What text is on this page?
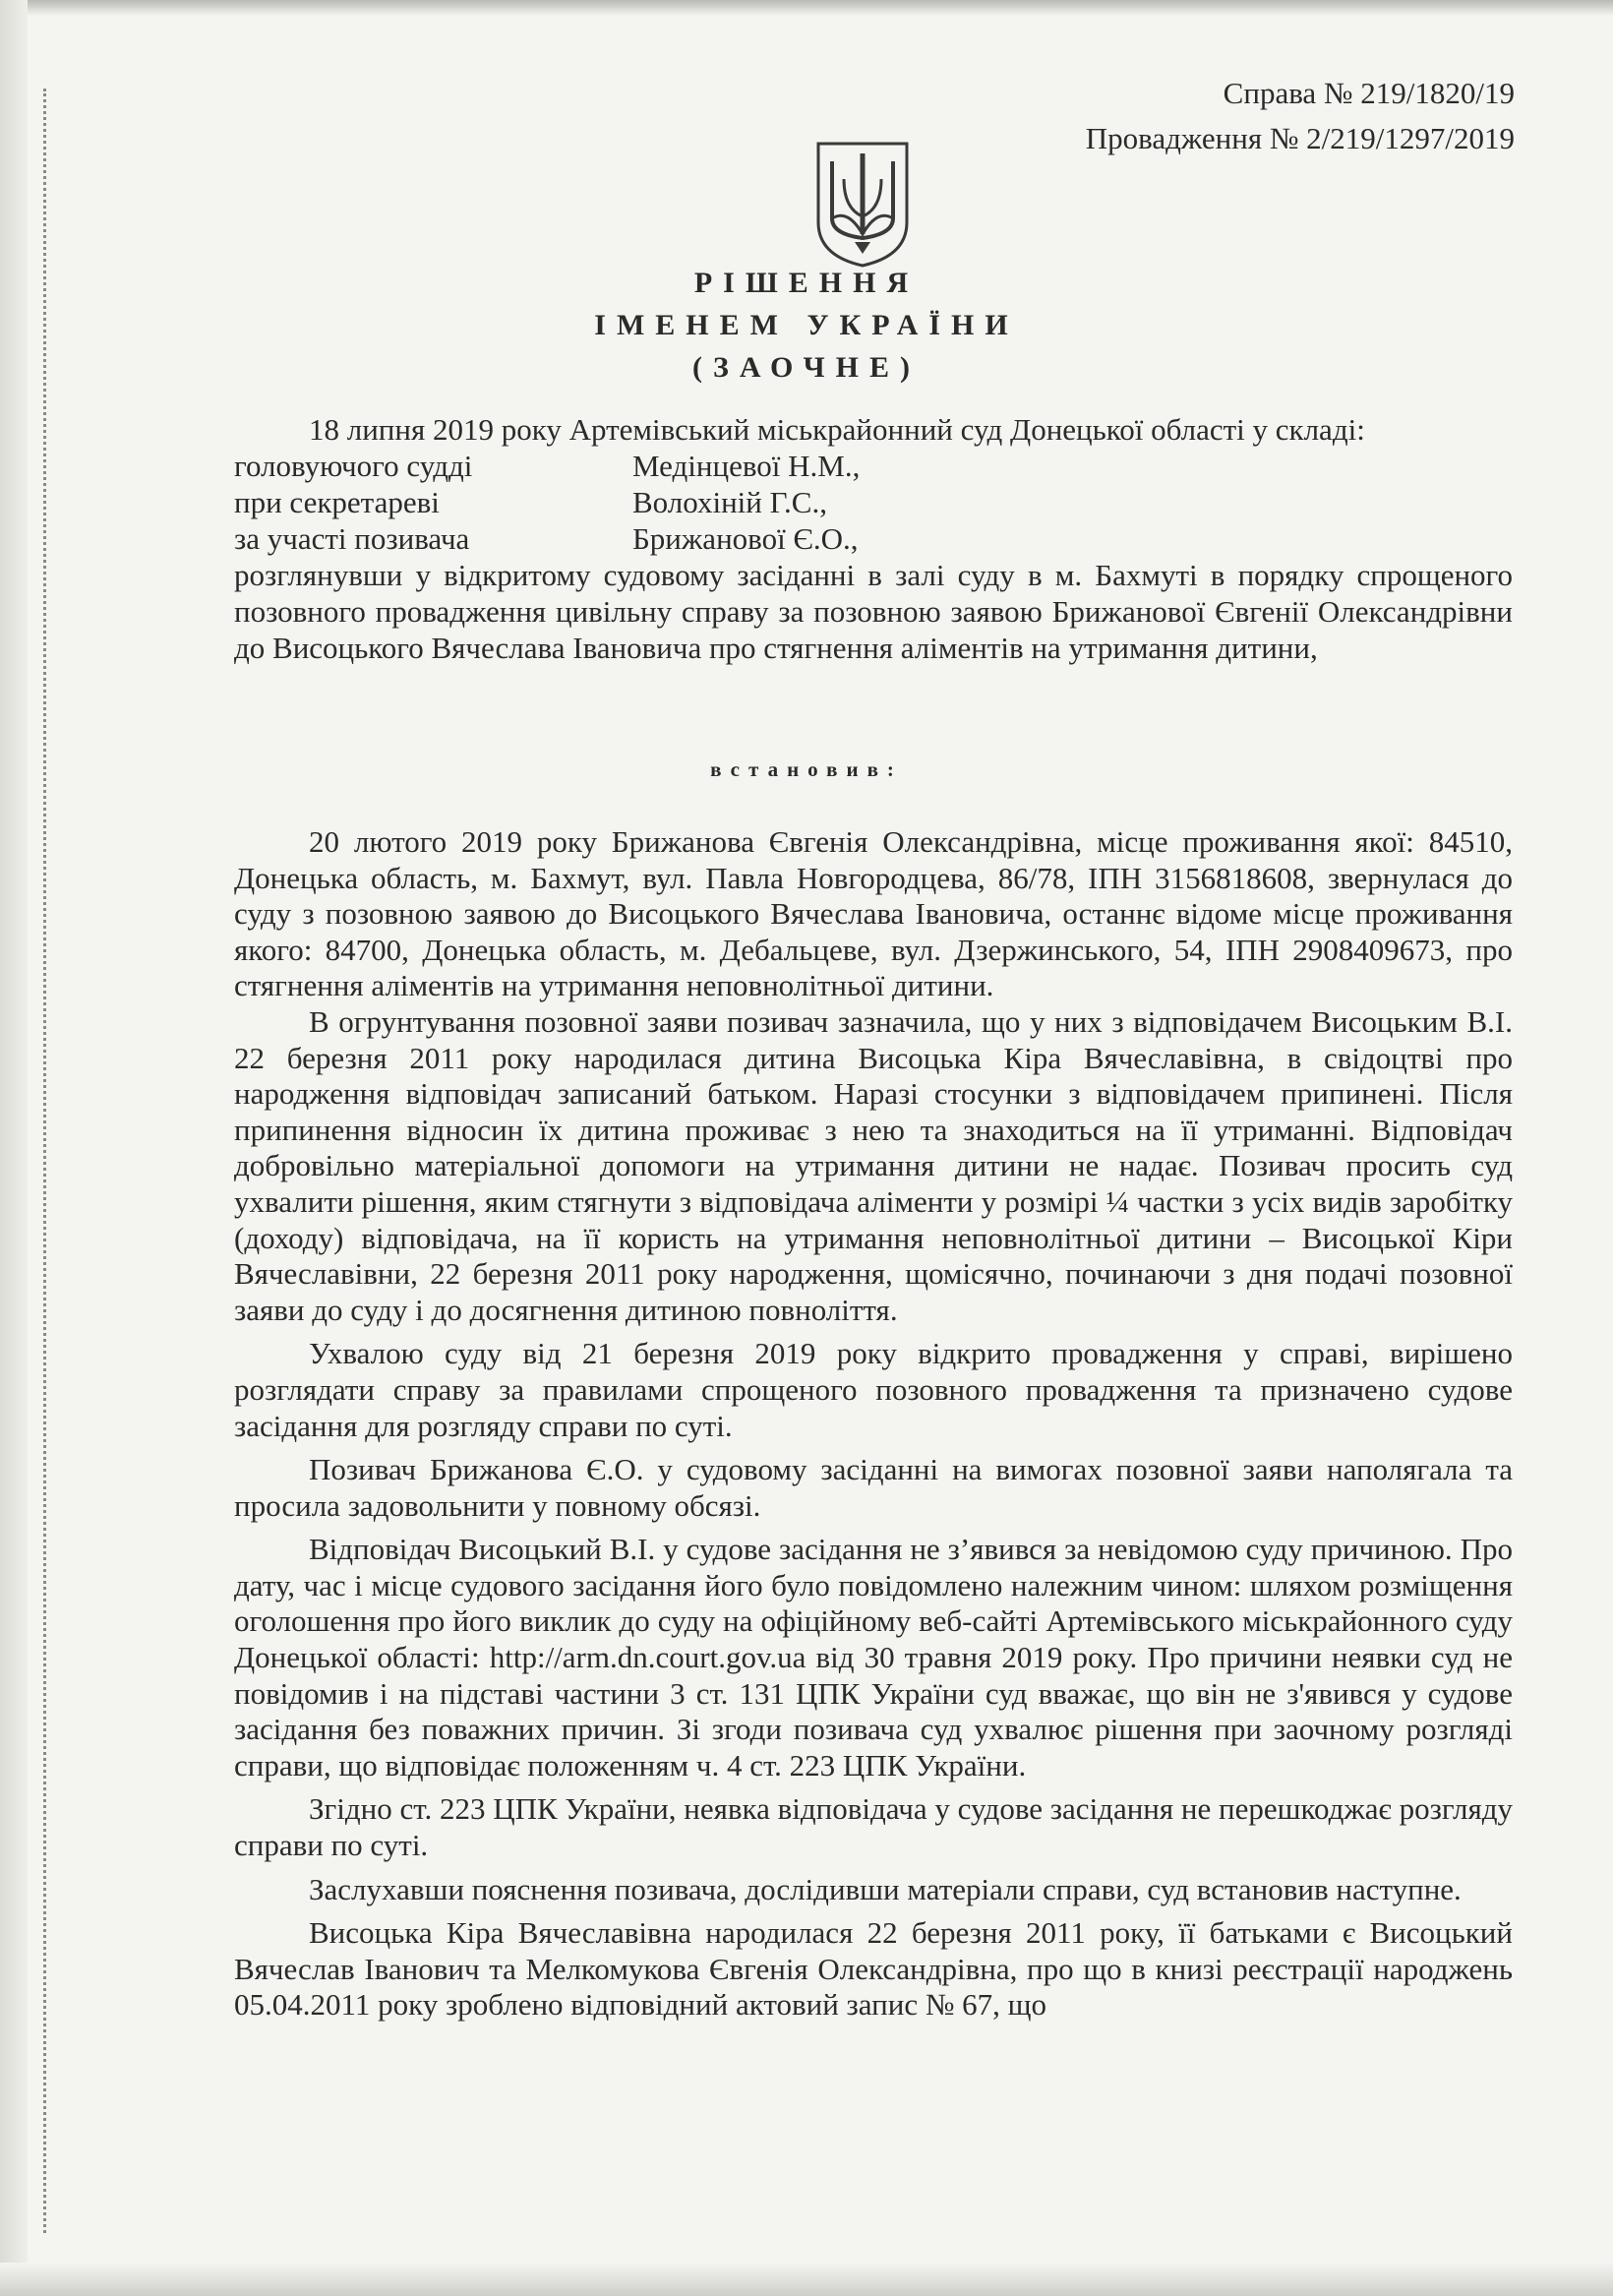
Справа № 219/1820/19
Провадження № 2/219/1297/2019
РІШЕННЯ
ІМЕНЕМ УКРАЇНИ
(ЗАОЧНЕ)
18 липня 2019 року Артемівський міськрайонний суд Донецької області у складі:
головуючого судді	Медінцевої Н.М.,
при секретареві	Волохіній Г.С.,
за участі позивача	Брижанової Є.О.,
розглянувши у відкритому судовому засіданні в залі суду в м. Бахмуті в порядку спрощеного позовного провадження цивільну справу за позовною заявою Брижанової Євгенії Олександрівни до Висоцького Вячеслава Івановича про стягнення аліментів на утримання дитини,
встановив:

20 лютого 2019 року Брижанова Євгенія Олександрівна, місце проживання якої: 84510, Донецька область, м. Бахмут, вул. Павла Новгородцева, 86/78, ІПН 3156818608, звернулася до суду з позовною заявою до Висоцького Вячеслава Івановича, останнє відоме місце проживання якого: 84700, Донецька область, м. Дебальцеве, вул. Дзержинського, 54, ІПН 2908409673, про стягнення аліментів на утримання неповнолітньої дитини.

В огрунтування позовної заяви позивач зазначила, що у них з відповідачем Висоцьким В.І. 22 березня 2011 року народилася дитина Висоцька Кіра Вячеславівна, в свідоцтві про народження відповідач записаний батьком. Наразі стосунки з відповідачем припинені. Після припинення відносин їх дитина проживає з нею та знаходиться на її утриманні. Відповідач добровільно матеріальної допомоги на утримання дитини не надає. Позивач просить суд ухвалити рішення, яким стягнути з відповідача аліменти у розмірі ¼ частки з усіх видів заробітку (доходу) відповідача, на її користь на утримання неповнолітньої дитини – Висоцької Кіри Вячеславівни, 22 березня 2011 року народження, щомісячно, починаючи з дня подачі позовної заяви до суду і до досягнення дитиною повноліття.

Ухвалою суду від 21 березня 2019 року відкрито провадження у справі, вирішено розглядати справу за правилами спрощеного позовного провадження та призначено судове засідання для розгляду справи по суті.

Позивач Брижанова Є.О. у судовому засіданні на вимогах позовної заяви наполягала та просила задовольнити у повному обсязі.

Відповідач Висоцький В.І. у судове засідання не з’явився за невідомою суду причиною. Про дату, час і місце судового засідання його було повідомлено належним чином: шляхом розміщення оголошення про його виклик до суду на офіційному веб-сайті Артемівського міськрайонного суду Донецької області: http://arm.dn.court.gov.ua від 30 травня 2019 року. Про причини неявки суд не повідомив і на підставі частини 3 ст. 131 ЦПК України суд вважає, що він не з'явився у судове засідання без поважних причин. Зі згоди позивача суд ухвалює рішення при заочному розгляді справи, що відповідає положенням ч. 4 ст. 223 ЦПК України.

Згідно ст. 223 ЦПК України, неявка відповідача у судове засідання не перешкоджає розгляду справи по суті.

Заслухавши пояснення позивача, дослідивши матеріали справи, суд встановив наступне.

Висоцька Кіра Вячеславівна народилася 22 березня 2011 року, її батьками є Висоцький Вячеслав Іванович та Мелкомукова Євгенія Олександрівна, про що в книзі реєстрації народжень 05.04.2011 року зроблено відповідний актовий запис № 67, що
